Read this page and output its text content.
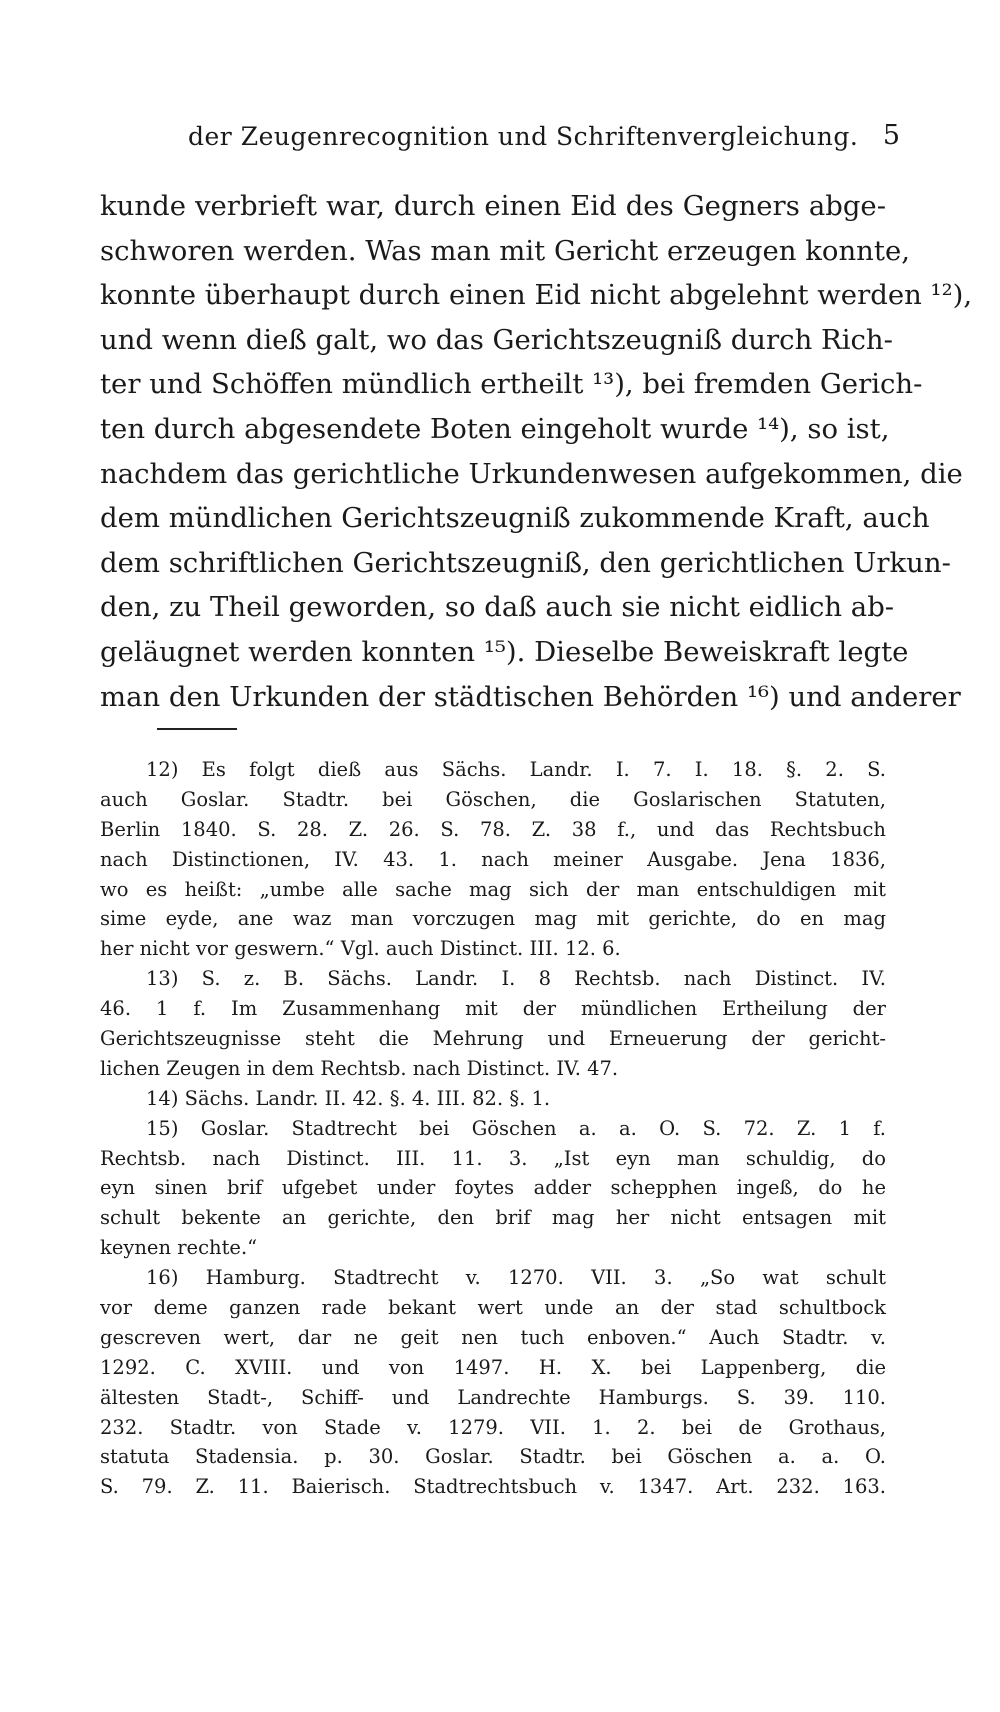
der Zeugenrecognition und Schriftenvergleichung. 5
kunde verbrieft war, durch einen Eid des Gegners abge-
schworen werden. Was man mit Gericht erzeugen konnte,
konnte überhaupt durch einen Eid nicht abgelehnt werden ¹²),
und wenn dieß galt, wo das Gerichtszeugniß durch Rich-
ter und Schöffen mündlich ertheilt ¹³), bei fremden Gerich-
ten durch abgesendete Boten eingeholt wurde ¹⁴), so ist,
nachdem das gerichtliche Urkundenwesen aufgekommen, die
dem mündlichen Gerichtszeugniß zukommende Kraft, auch
dem schriftlichen Gerichtszeugniß, den gerichtlichen Urkun-
den, zu Theil geworden, so daß auch sie nicht eidlich ab-
geläugnet werden konnten ¹⁵). Dieselbe Beweiskraft legte
man den Urkunden der städtischen Behörden ¹⁶) und anderer
12) Es folgt dieß aus Sächs. Landr. I. 7. I. 18. §. 2. S.
auch Goslar. Stadtr. bei Göschen, die Goslarischen Statuten,
Berlin 1840. S. 28. Z. 26. S. 78. Z. 38 f., und das Rechtsbuch
nach Distinctionen, IV. 43. 1. nach meiner Ausgabe. Jena 1836,
wo es heißt: „umbe alle sache mag sich der man entschuldigen mit
sime eyde, ane waz man vorczugen mag mit gerichte, do en mag
her nicht vor geswern.“ Vgl. auch Distinct. III. 12. 6.
13) S. z. B. Sächs. Landr. I. 8 Rechtsb. nach Distinct. IV.
46. 1 f. Im Zusammenhang mit der mündlichen Ertheilung der
Gerichtszeugnisse steht die Mehrung und Erneuerung der gericht-
lichen Zeugen in dem Rechtsb. nach Distinct. IV. 47.
14) Sächs. Landr. II. 42. §. 4. III. 82. §. 1.
15) Goslar. Stadtrecht bei Göschen a. a. O. S. 72. Z. 1 f.
Rechtsb. nach Distinct. III. 11. 3. „Ist eyn man schuldig, do
eyn sinen brif ufgebet under foytes adder schepphen ingeß, do he
schult bekente an gerichte, den brif mag her nicht entsagen mit
keynen rechte.“
16) Hamburg. Stadtrecht v. 1270. VII. 3. „So wat schult
vor deme ganzen rade bekant wert unde an der stad schultbock
gescreven wert, dar ne geit nen tuch enboven.“ Auch Stadtr. v.
1292. C. XVIII. und von 1497. H. X. bei Lappenberg, die
ältesten Stadt-, Schiff- und Landrechte Hamburgs. S. 39. 110.
232. Stadtr. von Stade v. 1279. VII. 1. 2. bei de Grothaus,
statuta Stadensia. p. 30. Goslar. Stadtr. bei Göschen a. a. O.
S. 79. Z. 11. Baierisch. Stadtrechtsbuch v. 1347. Art. 232. 163.
